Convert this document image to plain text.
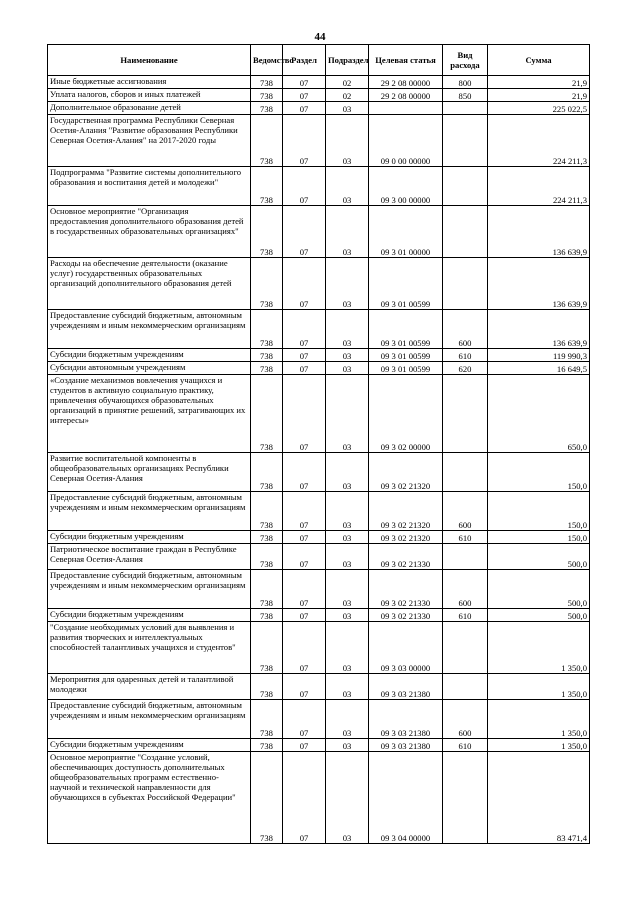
44
Наименование	Ведомство	Раздел	Подраздел	Целевая статья	Вид расхода	Сумма
Иные бюджетные ассигнования	738	07	02	29 2 08 00000	800	21,9
Уплата налогов, сборов и иных платежей	738	07	02	29 2 08 00000	850	21,9
Дополнительное образование детей	738	07	03			225 022,5
Государственная программа Республики Северная Осетия-Алания "Развитие образования Республики Северная Осетия-Алания" на 2017-2020 годы	738	07	03	09 0 00 00000		224 211,3
Подпрограмма "Развитие системы дополнительного образования и воспитания детей и молодежи"	738	07	03	09 3 00 00000		224 211,3
Основное мероприятие "Организация предоставления дополнительного образования детей в государственных образовательных организациях"	738	07	03	09 3 01 00000		136 639,9
Расходы на обеспечение деятельности (оказание услуг) государственных образовательных организаций дополнительного образования детей	738	07	03	09 3 01 00599		136 639,9
Предоставление субсидий бюджетным, автономным учреждениям и иным некоммерческим организациям	738	07	03	09 3 01 00599	600	136 639,9
Субсидии бюджетным учреждениям	738	07	03	09 3 01 00599	610	119 990,3
Субсидии автономным учреждениям	738	07	03	09 3 01 00599	620	16 649,5
«Создание механизмов вовлечения учащихся и студентов в активную социальную практику, привлечения обучающихся образовательных организаций в принятие решений, затрагивающих их интересы»	738	07	03	09 3 02 00000		650,0
Развитие воспитательной компоненты в общеобразовательных организациях Республики Северная Осетия-Алания	738	07	03	09 3 02 21320		150,0
Предоставление субсидий бюджетным, автономным учреждениям и иным некоммерческим организациям	738	07	03	09 3 02 21320	600	150,0
Субсидии бюджетным учреждениям	738	07	03	09 3 02 21320	610	150,0
Патриотическое воспитание граждан в Республике Северная Осетия-Алания	738	07	03	09 3 02 21330		500,0
Предоставление субсидий бюджетным, автономным учреждениям и иным некоммерческим организациям	738	07	03	09 3 02 21330	600	500,0
Субсидии бюджетным учреждениям	738	07	03	09 3 02 21330	610	500,0
"Создание необходимых условий для выявления и развития творческих и интеллектуальных способностей талантливых учащихся и студентов"	738	07	03	09 3 03 00000		1 350,0
Мероприятия для одаренных детей и талантливой молодежи	738	07	03	09 3 03 21380		1 350,0
Предоставление субсидий бюджетным, автономным учреждениям и иным некоммерческим организациям	738	07	03	09 3 03 21380	600	1 350,0
Субсидии бюджетным учреждениям	738	07	03	09 3 03 21380	610	1 350,0
Основное мероприятие "Создание условий, обеспечивающих доступность дополнительных общеобразовательных программ естественно-научной и технической направленности для обучающихся в субъектах Российской Федерации"	738	07	03	09 3 04 00000		83 471,4
